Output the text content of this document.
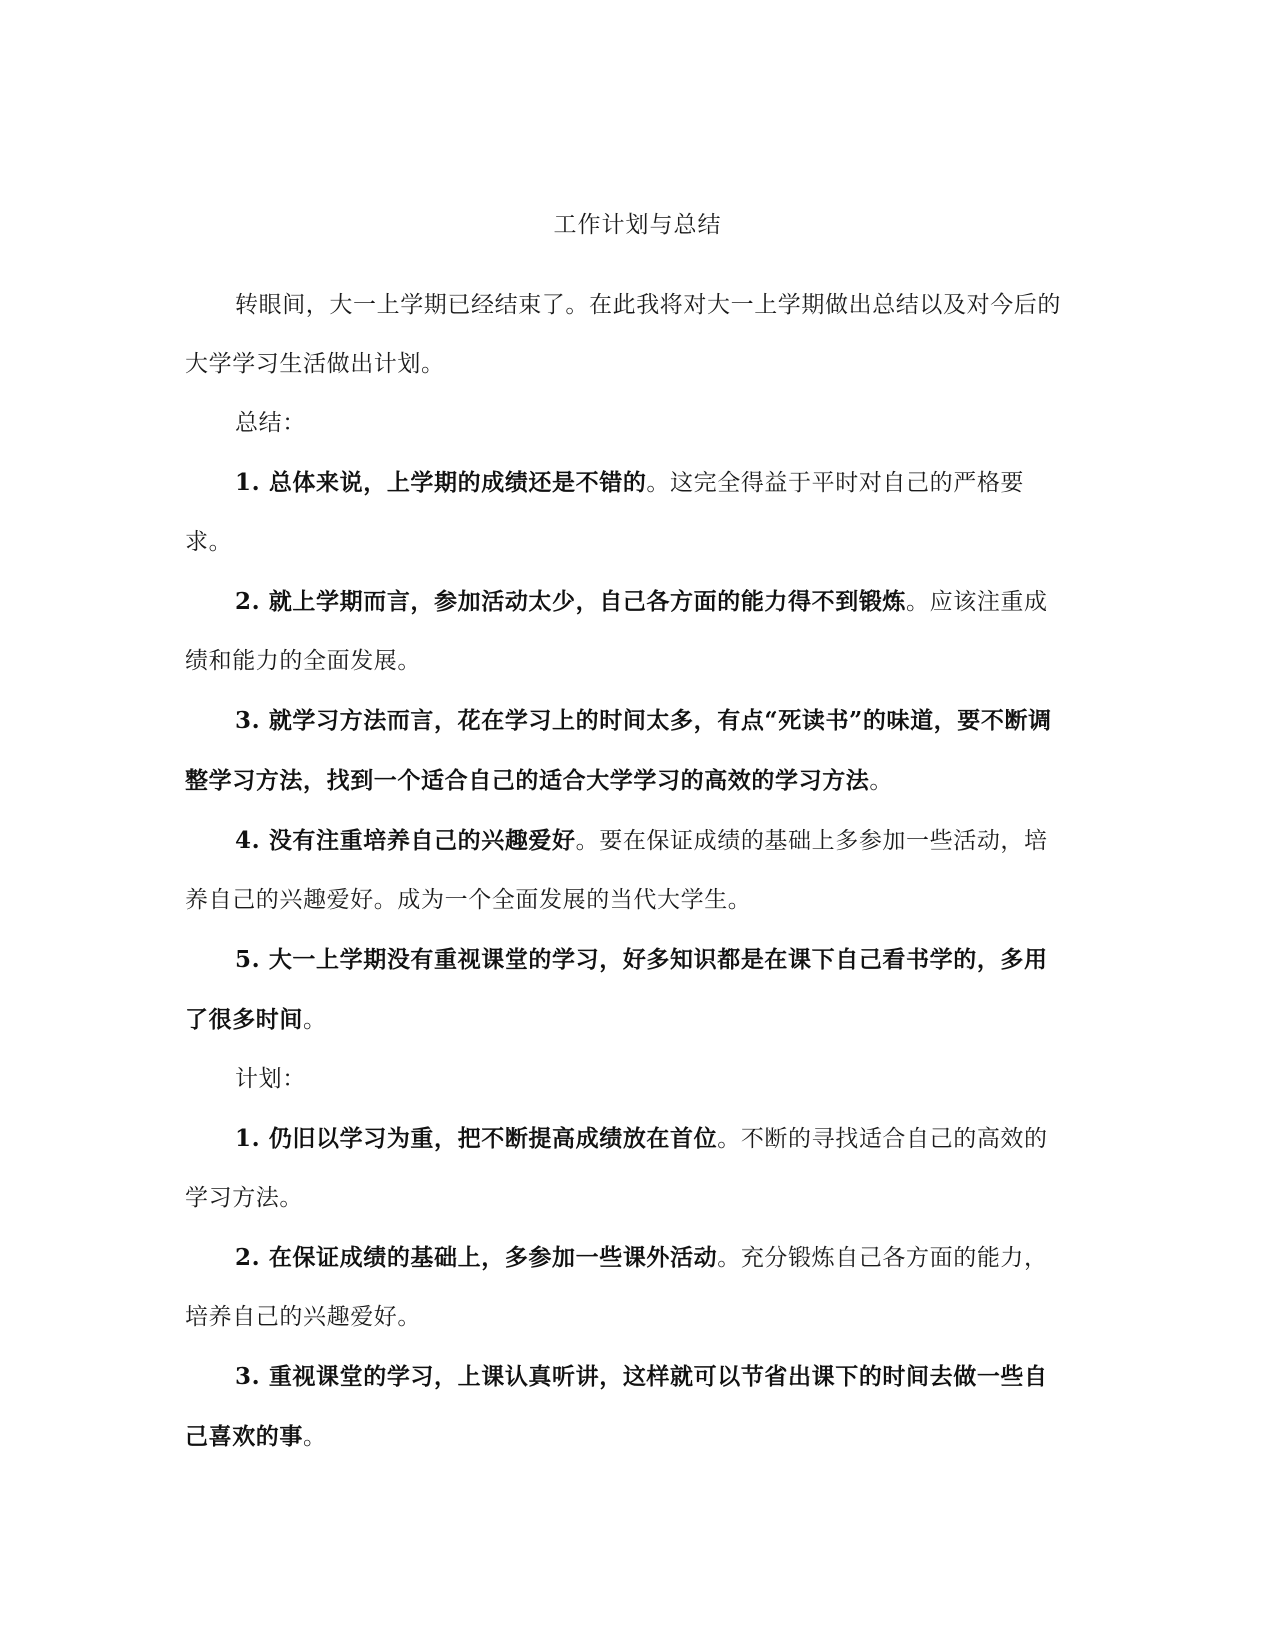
工作计划与总结

转眼间，大一上学期已经结束了。在此我将对大一上学期做出总结以及对今后的大学学习生活做出计划。

总结：

1. 总体来说，上学期的成绩还是不错的。这完全得益于平时对自己的严格要求。

2. 就上学期而言，参加活动太少，自己各方面的能力得不到锻炼。应该注重成绩和能力的全面发展。

3. 就学习方法而言，花在学习上的时间太多，有点“死读书”的味道，要不断调整学习方法，找到一个适合自己的适合大学学习的高效的学习方法。

4. 没有注重培养自己的兴趣爱好。要在保证成绩的基础上多参加一些活动，培养自己的兴趣爱好。成为一个全面发展的当代大学生。

5. 大一上学期没有重视课堂的学习，好多知识都是在课下自己看书学的，多用了很多时间。

计划：

1. 仍旧以学习为重，把不断提高成绩放在首位。不断的寻找适合自己的高效的学习方法。

2. 在保证成绩的基础上，多参加一些课外活动。充分锻炼自己各方面的能力，培养自己的兴趣爱好。

3. 重视课堂的学习，上课认真听讲，这样就可以节省出课下的时间去做一些自己喜欢的事。
